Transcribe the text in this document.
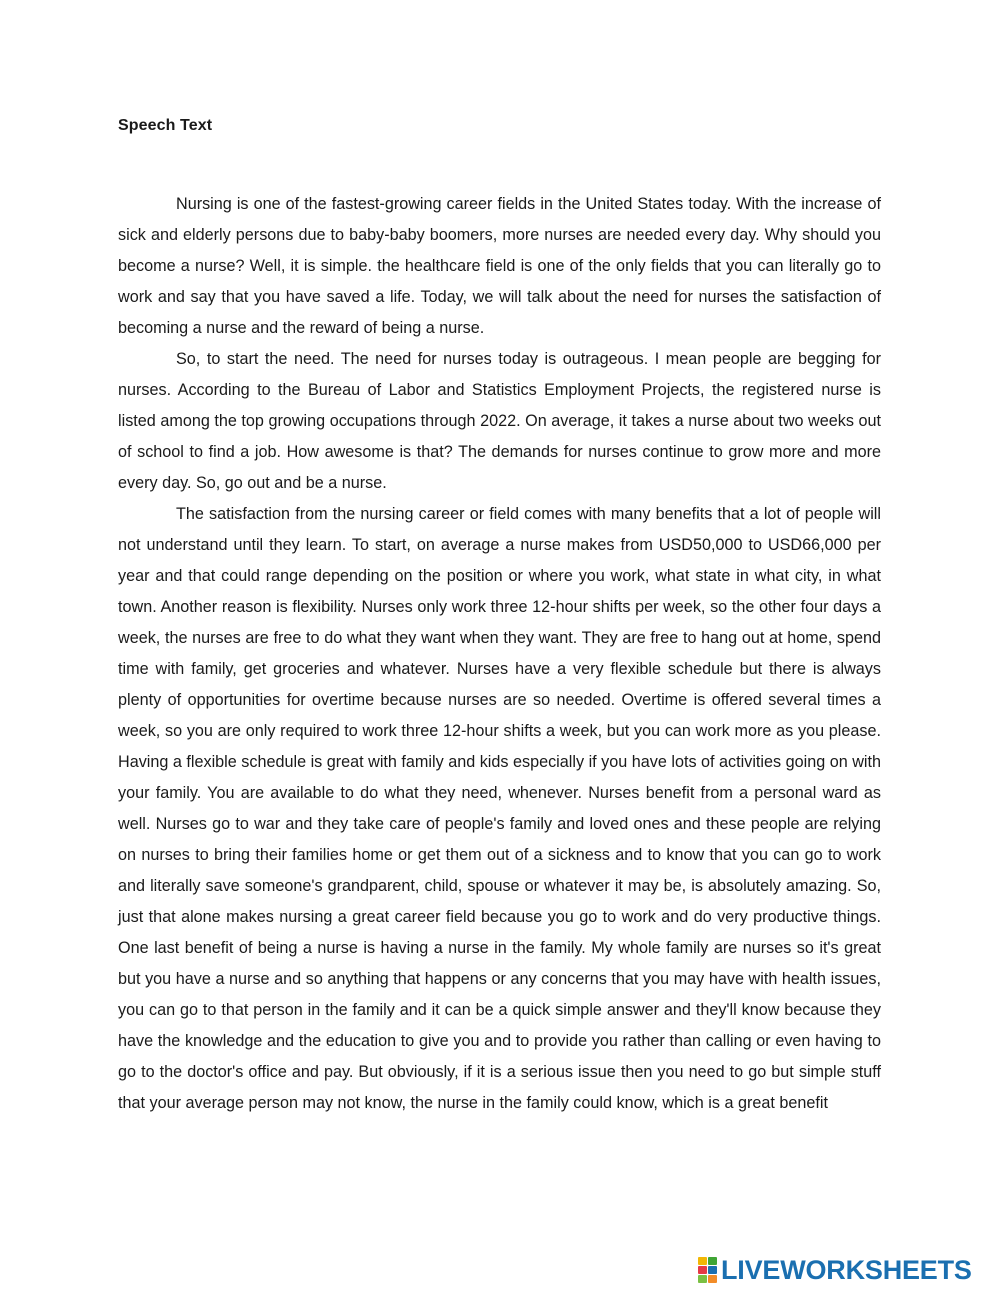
Speech Text

Nursing is one of the fastest-growing career fields in the United States today. With the increase of sick and elderly persons due to baby-baby boomers, more nurses are needed every day. Why should you become a nurse? Well, it is simple. the healthcare field is one of the only fields that you can literally go to work and say that you have saved a life. Today, we will talk about the need for nurses the satisfaction of becoming a nurse and the reward of being a nurse.

So, to start the need. The need for nurses today is outrageous. I mean people are begging for nurses. According to the Bureau of Labor and Statistics Employment Projects, the registered nurse is listed among the top growing occupations through 2022. On average, it takes a nurse about two weeks out of school to find a job. How awesome is that? The demands for nurses continue to grow more and more every day. So, go out and be a nurse.

The satisfaction from the nursing career or field comes with many benefits that a lot of people will not understand until they learn. To start, on average a nurse makes from USD50,000 to USD66,000 per year and that could range depending on the position or where you work, what state in what city, in what town. Another reason is flexibility. Nurses only work three 12-hour shifts per week, so the other four days a week, the nurses are free to do what they want when they want. They are free to hang out at home, spend time with family, get groceries and whatever. Nurses have a very flexible schedule but there is always plenty of opportunities for overtime because nurses are so needed. Overtime is offered several times a week, so you are only required to work three 12-hour shifts a week, but you can work more as you please. Having a flexible schedule is great with family and kids especially if you have lots of activities going on with your family. You are available to do what they need, whenever. Nurses benefit from a personal ward as well. Nurses go to war and they take care of people's family and loved ones and these people are relying on nurses to bring their families home or get them out of a sickness and to know that you can go to work and literally save someone's grandparent, child, spouse or whatever it may be, is absolutely amazing. So, just that alone makes nursing a great career field because you go to work and do very productive things. One last benefit of being a nurse is having a nurse in the family. My whole family are nurses so it's great but you have a nurse and so anything that happens or any concerns that you may have with health issues, you can go to that person in the family and it can be a quick simple answer and they'll know because they have the knowledge and the education to give you and to provide you rather than calling or even having to go to the doctor's office and pay. But obviously, if it is a serious issue then you need to go but simple stuff that your average person may not know, the nurse in the family could know, which is a great benefit

LIVEWORKSHEETS
